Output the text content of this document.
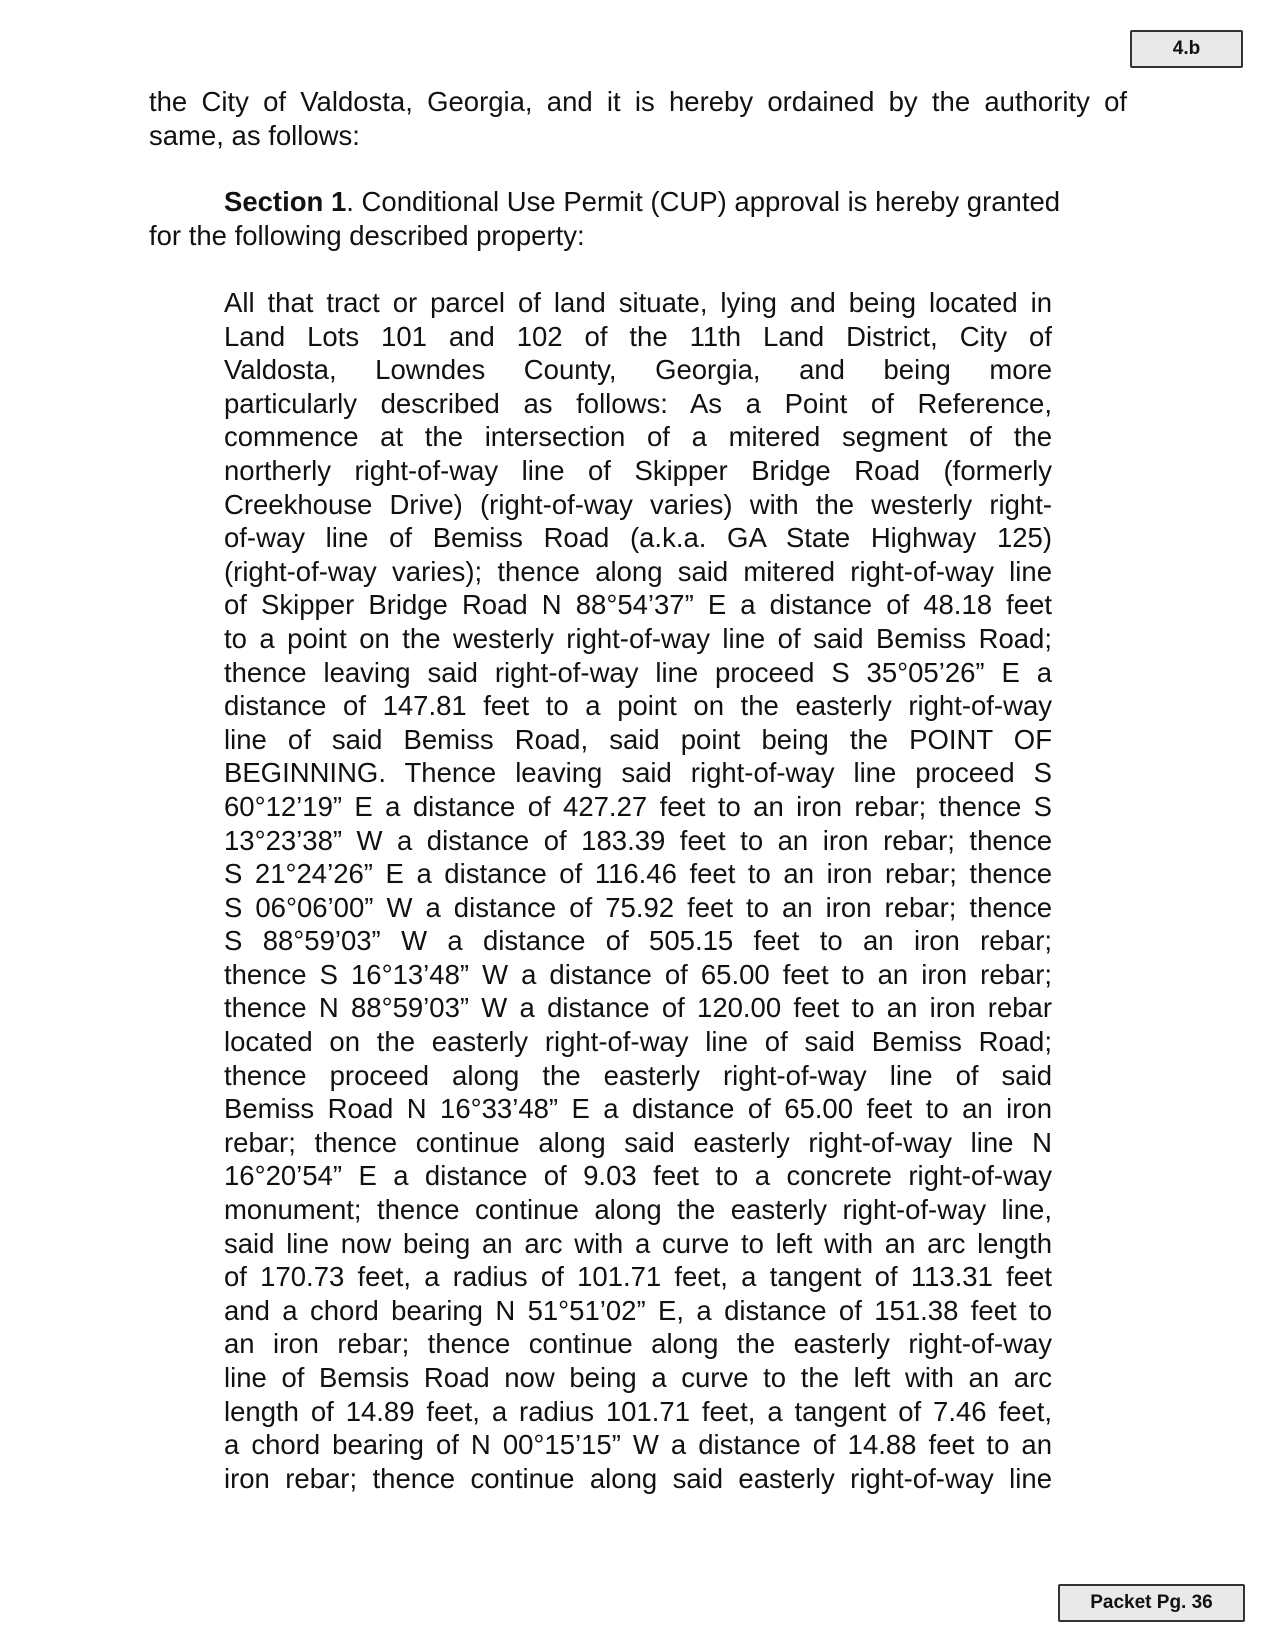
4.b
the City of Valdosta, Georgia, and it is hereby ordained by the authority of
same, as follows:
Section 1. Conditional Use Permit (CUP) approval is hereby granted
for the following described property:
All that tract or parcel of land situate, lying and being located in
Land Lots 101 and 102 of the 11th Land District, City of
Valdosta, Lowndes County, Georgia, and being more
particularly described as follows: As a Point of Reference,
commence at the intersection of a mitered segment of the
northerly right-of-way line of Skipper Bridge Road (formerly
Creekhouse Drive) (right-of-way varies) with the westerly right-
of-way line of Bemiss Road (a.k.a. GA State Highway 125)
(right-of-way varies); thence along said mitered right-of-way line
of Skipper Bridge Road N 88°54’37” E a distance of 48.18 feet
to a point on the westerly right-of-way line of said Bemiss Road;
thence leaving said right-of-way line proceed S 35°05’26” E a
distance of 147.81 feet to a point on the easterly right-of-way
line of said Bemiss Road, said point being the POINT OF
BEGINNING. Thence leaving said right-of-way line proceed S
60°12’19” E a distance of 427.27 feet to an iron rebar; thence S
13°23’38” W a distance of 183.39 feet to an iron rebar; thence
S 21°24’26” E a distance of 116.46 feet to an iron rebar; thence
S 06°06’00” W a distance of 75.92 feet to an iron rebar; thence
S 88°59’03” W a distance of 505.15 feet to an iron rebar;
thence S 16°13’48” W a distance of 65.00 feet to an iron rebar;
thence N 88°59’03” W a distance of 120.00 feet to an iron rebar
located on the easterly right-of-way line of said Bemiss Road;
thence proceed along the easterly right-of-way line of said
Bemiss Road N 16°33’48” E a distance of 65.00 feet to an iron
rebar; thence continue along said easterly right-of-way line N
16°20’54” E a distance of 9.03 feet to a concrete right-of-way
monument; thence continue along the easterly right-of-way line,
said line now being an arc with a curve to left with an arc length
of 170.73 feet, a radius of 101.71 feet, a tangent of 113.31 feet
and a chord bearing N 51°51’02” E, a distance of 151.38 feet to
an iron rebar; thence continue along the easterly right-of-way
line of Bemsis Road now being a curve to the left with an arc
length of 14.89 feet, a radius 101.71 feet, a tangent of 7.46 feet,
a chord bearing of N 00°15’15” W a distance of 14.88 feet to an
iron rebar; thence continue along said easterly right-of-way line
Packet Pg. 36
